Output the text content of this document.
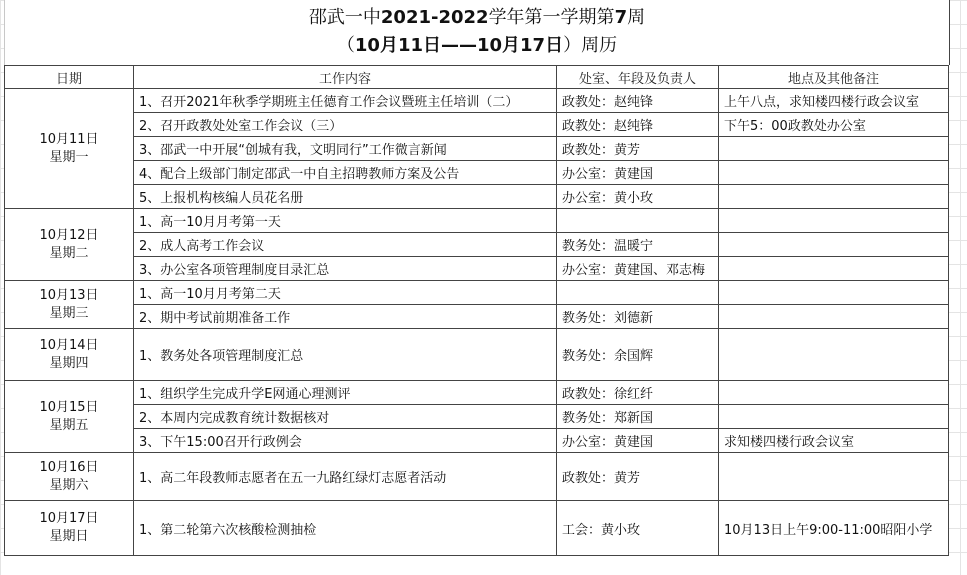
邵武一中2021-2022学年第一学期第7周
（10月11日——10月17日）周历
日期	工作内容	处室、年段及负责人	地点及其他备注

10月11日
星期一	1、召开2021年秋季学期班主任德育工作会议暨班主任培训（二）	政教处：赵纯锋	上午八点，求知楼四楼行政会议室
	2、召开政教处处室工作会议（三）	政教处：赵纯锋	下午5：00政教处办公室
	3、邵武一中开展“创城有我，文明同行”工作微言新闻	政教处：黄芳	
	4、配合上级部门制定邵武一中自主招聘教师方案及公告	办公室：黄建国	
	5、上报机构核编人员花名册	办公室：黄小玫	

10月12日
星期二	1、高一10月月考第一天		
	2、成人高考工作会议	教务处：温暖宁	
	3、办公室各项管理制度目录汇总	办公室：黄建国、邓志梅	

10月13日
星期三	1、高一10月月考第二天		
	2、期中考试前期准备工作	教务处：刘德新	

10月14日
星期四	1、教务处各项管理制度汇总	教务处：余国辉	

10月15日
星期五	1、组织学生完成升学E网通心理测评	政教处：徐红纤	
	2、本周内完成教育统计数据核对	教务处：郑新国	
	3、下午15:00召开行政例会	办公室：黄建国	求知楼四楼行政会议室

10月16日
星期六	1、高二年段教师志愿者在五一九路红绿灯志愿者活动	政教处：黄芳	

10月17日
星期日	1、第二轮第六次核酸检测抽检	工会：黄小玫	10月13日上午9:00-11:00昭阳小学
